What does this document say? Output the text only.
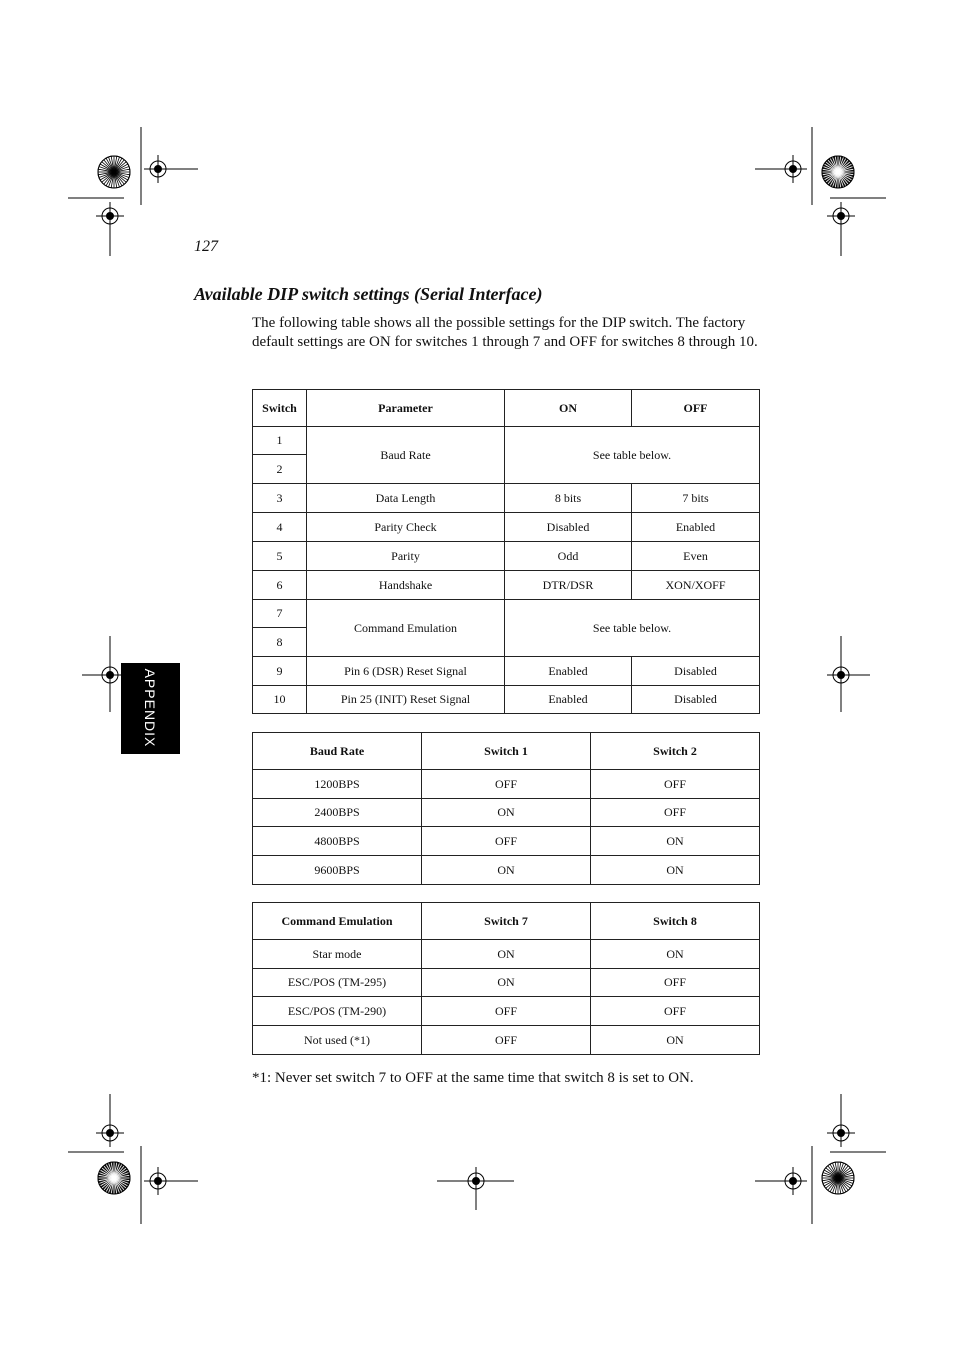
127
Available DIP switch settings (Serial Interface)
The following table shows all the possible settings for the DIP switch. The factory default settings are ON for switches 1 through 7 and OFF for switches 8 through 10.
APPENDIX
Switch	Parameter	ON	OFF
1	Baud Rate	See table below.	
2			
3	Data Length	8 bits	7 bits
4	Parity Check	Disabled	Enabled
5	Parity	Odd	Even
6	Handshake	DTR/DSR	XON/XOFF
7	Command Emulation	See table below.	
8			
9	Pin 6 (DSR) Reset Signal	Enabled	Disabled
10	Pin 25 (INIT) Reset Signal	Enabled	Disabled
Baud Rate	Switch 1	Switch 2
1200BPS	OFF	OFF
2400BPS	ON	OFF
4800BPS	OFF	ON
9600BPS	ON	ON
Command Emulation	Switch 7	Switch 8
Star mode	ON	ON
ESC/POS (TM-295)	ON	OFF
ESC/POS (TM-290)	OFF	OFF
Not used (*1)	OFF	ON
*1: Never set switch 7 to OFF at the same time that switch 8 is set to ON.
